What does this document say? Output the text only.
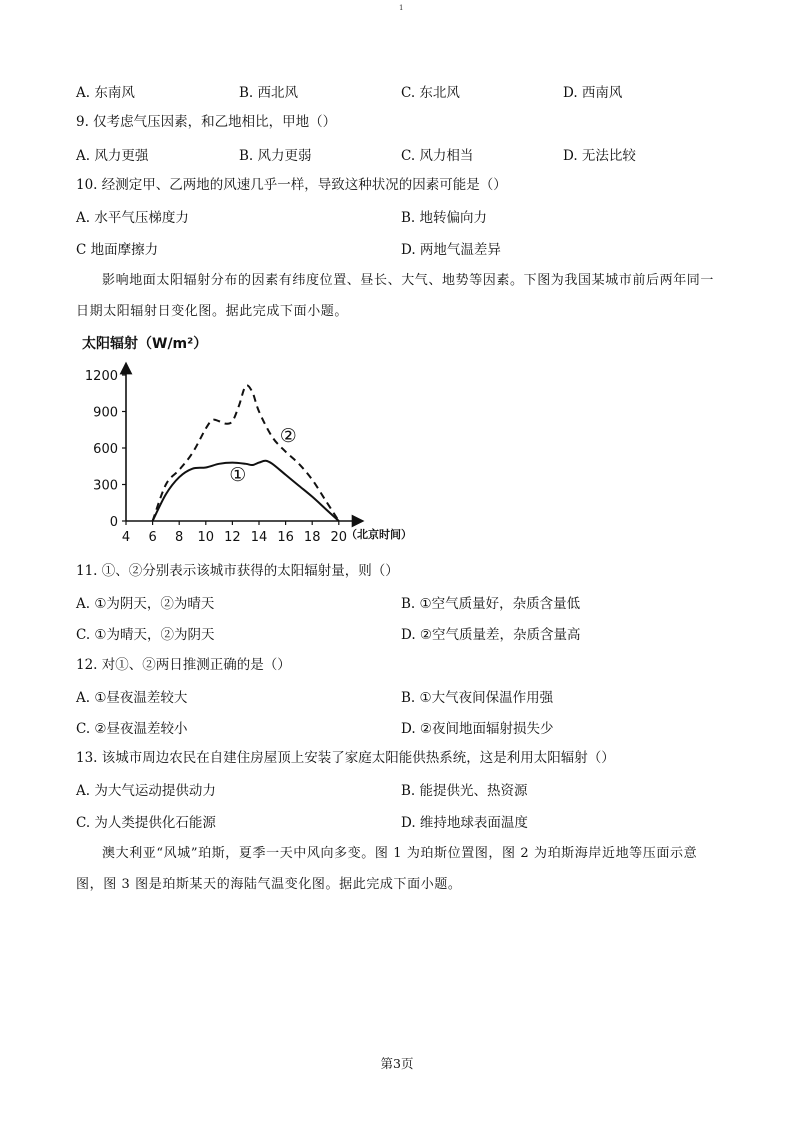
1
A. 东南风	B. 西北风	C. 东北风	D. 西南风
9. 仅考虑气压因素，和乙地相比，甲地（）
A. 风力更强	B. 风力更弱	C. 风力相当	D. 无法比较
10. 经测定甲、乙两地的风速几乎一样，导致这种状况的因素可能是（）
A. 水平气压梯度力	B. 地转偏向力
C 地面摩擦力	D. 两地气温差异
影响地面太阳辐射分布的因素有纬度位置、昼长、大气、地势等因素。下图为我国某城市前后两年同一日期太阳辐射日变化图。据此完成下面小题。
太阳辐射（W/m²）
0
300
600
900
1200
4 6 8 10 12 14 16 18 20
①
②
（北京时间）
11. ①、②分别表示该城市获得的太阳辐射量，则（）
A. ①为阴天，②为晴天	B. ①空气质量好，杂质含量低
C. ①为晴天，②为阴天	D. ②空气质量差，杂质含量高
12. 对①、②两日推测正确的是（）
A. ①昼夜温差较大	B. ①大气夜间保温作用强
C. ②昼夜温差较小	D. ②夜间地面辐射损失少
13. 该城市周边农民在自建住房屋顶上安装了家庭太阳能供热系统，这是利用太阳辐射（）
A. 为大气运动提供动力	B. 能提供光、热资源
C. 为人类提供化石能源	D. 维持地球表面温度
澳大利亚“风城”珀斯，夏季一天中风向多变。图 1 为珀斯位置图，图 2 为珀斯海岸近地等压面示意图，图 3 图是珀斯某天的海陆气温变化图。据此完成下面小题。
第3页
